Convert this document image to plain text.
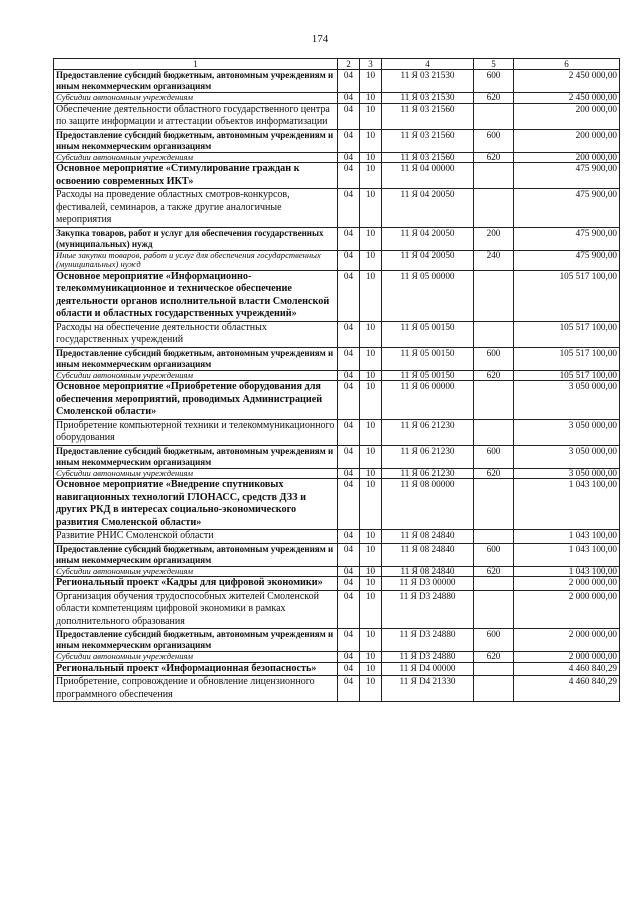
174
1	2	3	4	5	6
Предоставление субсидий бюджетным, автономным учреждениям и иным некоммерческим организациям	04	10	11 Я 03 21530	600	2 450 000,00
Субсидии автономным учреждениям	04	10	11 Я 03 21530	620	2 450 000,00
Обеспечение деятельности областного государственного центра по защите информации и аттестации объектов информатизации	04	10	11 Я 03 21560		200 000,00
Предоставление субсидий бюджетным, автономным учреждениям и иным некоммерческим организациям	04	10	11 Я 03 21560	600	200 000,00
Субсидии автономным учреждениям	04	10	11 Я 03 21560	620	200 000,00
Основное мероприятие «Стимулирование граждан к освоению современных ИКТ»	04	10	11 Я 04 00000		475 900,00
Расходы на проведение областных смотров-конкурсов, фестивалей, семинаров, а также другие аналогичные мероприятия	04	10	11 Я 04 20050		475 900,00
Закупка товаров, работ и услуг для обеспечения государственных (муниципальных) нужд	04	10	11 Я 04 20050	200	475 900,00
Иные закупки товаров, работ и услуг для обеспечения государственных (муниципальных) нужд	04	10	11 Я 04 20050	240	475 900,00
Основное мероприятие «Информационно-телекоммуникационное и техническое обеспечение деятельности органов исполнительной власти Смоленской области и областных государственных учреждений»	04	10	11 Я 05 00000		105 517 100,00
Расходы на обеспечение деятельности областных государственных учреждений	04	10	11 Я 05 00150		105 517 100,00
Предоставление субсидий бюджетным, автономным учреждениям и иным некоммерческим организациям	04	10	11 Я 05 00150	600	105 517 100,00
Субсидии автономным учреждениям	04	10	11 Я 05 00150	620	105 517 100,00
Основное мероприятие «Приобретение оборудования для обеспечения мероприятий, проводимых Администрацией Смоленской области»	04	10	11 Я 06 00000		3 050 000,00
Приобретение компьютерной техники и телекоммуникационного оборудования	04	10	11 Я 06 21230		3 050 000,00
Предоставление субсидий бюджетным, автономным учреждениям и иным некоммерческим организациям	04	10	11 Я 06 21230	600	3 050 000,00
Субсидии автономным учреждениям	04	10	11 Я 06 21230	620	3 050 000,00
Основное мероприятие «Внедрение спутниковых навигационных технологий ГЛОНАСС, средств ДЗЗ и других РКД в интересах социально-экономического развития Смоленской области»	04	10	11 Я 08 00000		1 043 100,00
Развитие РНИС Смоленской области	04	10	11 Я 08 24840		1 043 100,00
Предоставление субсидий бюджетным, автономным учреждениям и иным некоммерческим организациям	04	10	11 Я 08 24840	600	1 043 100,00
Субсидии автономным учреждениям	04	10	11 Я 08 24840	620	1 043 100,00
Региональный проект «Кадры для цифровой экономики»	04	10	11 Я D3 00000		2 000 000,00
Организация обучения трудоспособных жителей Смоленской области компетенциям цифровой экономики в рамках дополнительного образования	04	10	11 Я D3 24880		2 000 000,00
Предоставление субсидий бюджетным, автономным учреждениям и иным некоммерческим организациям	04	10	11 Я D3 24880	600	2 000 000,00
Субсидии автономным учреждениям	04	10	11 Я D3 24880	620	2 000 000,00
Региональный проект «Информационная безопасность»	04	10	11 Я D4 00000		4 460 840,29
Приобретение, сопровождение и обновление лицензионного программного обеспечения	04	10	11 Я D4 21330		4 460 840,29
